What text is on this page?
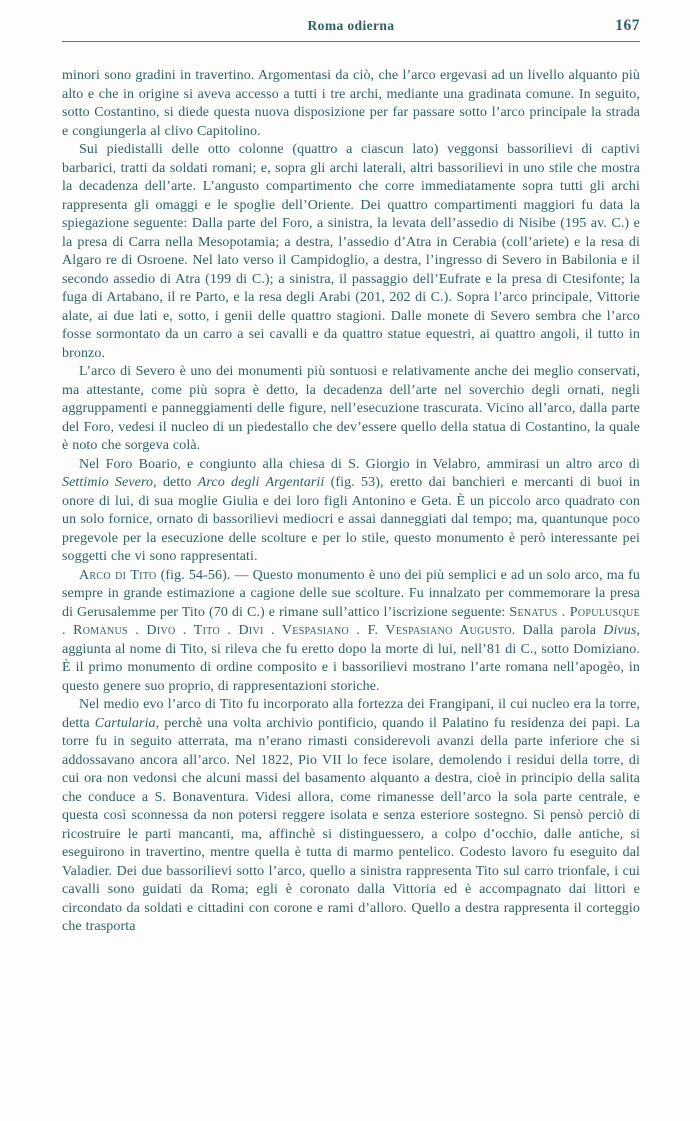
Roma odierna	167

minori sono gradini in travertino. Argomentasi da ciò, che l’arco ergevasi ad un livello alquanto più alto e che in origine si aveva accesso a tutti i tre archi, mediante una gradinata comune. In seguito, sotto Costantino, si diede questa nuova disposizione per far passare sotto l’arco principale la strada e congiungerla al clivo Capitolino.

Sui piedistalli delle otto colonne (quattro a ciascun lato) veggonsi bassorilievi di captivi barbarici, tratti da soldati romani; e, sopra gli archi laterali, altri bassorilievi in uno stile che mostra la decadenza dell’arte. L’angusto compartimento che corre immediatamente sopra tutti gli archi rappresenta gli omaggi e le spoglie dell’Oriente. Dei quattro compartimenti maggiori fu data la spiegazione seguente: Dalla parte del Foro, a sinistra, la levata dell’assedio di Nisibe (195 av. C.) e la presa di Carra nella Mesopotamia; a destra, l’assedio d’Atra in Cerabia (coll’ariete) e la resa di Algaro re di Osroene. Nel lato verso il Campidoglio, a destra, l’ingresso di Severo in Babilonia e il secondo assedio di Atra (199 di C.); a sinistra, il passaggio dell’Eufrate e la presa di Ctesifonte; la fuga di Artabano, il re Parto, e la resa degli Arabi (201, 202 di C.). Sopra l’arco principale, Vittorie alate, ai due lati e, sotto, i genii delle quattro stagioni. Dalle monete di Severo sembra che l’arco fosse sormontato da un carro a sei cavalli e da quattro statue equestri, ai quattro angoli, il tutto in bronzo.

L’arco di Severo è uno dei monumenti più sontuosi e relativamente anche dei meglio conservati, ma attestante, come più sopra è detto, la decadenza dell’arte nel soverchio degli ornati, negli aggruppamenti e panneggiamenti delle figure, nell’esecuzione trascurata. Vicino all’arco, dalla parte del Foro, vedesi il nucleo di un piedestallo che dev’essere quello della statua di Costantino, la quale è noto che sorgeva colà.

Nel Foro Boario, e congiunto alla chiesa di S. Giorgio in Velabro, ammirasi un altro arco di Settimio Severo, detto Arco degli Argentarii (fig. 53), eretto dai banchieri e mercanti di buoi in onore di lui, di sua moglie Giulia e dei loro figli Antonino e Geta. È un piccolo arco quadrato con un solo fornice, ornato di bassorilievi mediocri e assai danneggiati dal tempo; ma, quantunque poco pregevole per la esecuzione delle scolture e per lo stile, questo monumento è però interessante pei soggetti che vi sono rappresentati.

Arco di Tito (fig. 54-56). — Questo monumento è uno dei più semplici e ad un solo arco, ma fu sempre in grande estimazione a cagione delle sue scolture. Fu innalzato per commemorare la presa di Gerusalemme per Tito (70 di C.) e rimane sull’attico l’iscrizione seguente: Senatus . Populusque . Romanus . Divo . Tito . Divi . Vespasiano . F. Vespasiano Augusto. Dalla parola Divus, aggiunta al nome di Tito, si rileva che fu eretto dopo la morte di lui, nell’81 di C., sotto Domiziano. È il primo monumento di ordine composito e i bassorilievi mostrano l’arte romana nell’apogèo, in questo genere suo proprio, di rappresentazioni storiche.

Nel medio evo l’arco di Tito fu incorporato alla fortezza dei Frangipani, il cui nucleo era la torre, detta Cartularia, perchè una volta archivio pontificio, quando il Palatino fu residenza dei papi. La torre fu in seguito atterrata, ma n’erano rimasti considerevoli avanzi della parte inferiore che si addossavano ancora all’arco. Nel 1822, Pio VII lo fece isolare, demolendo i residui della torre, di cui ora non vedonsi che alcuni massi del basamento alquanto a destra, cioè in principio della salita che conduce a S. Bonaventura. Videsi allora, come rimanesse dell’arco la sola parte centrale, e questa così sconnessa da non potersi reggere isolata e senza esteriore sostegno. Si pensò perciò di ricostruire le parti mancanti, ma, affinchè si distinguessero, a colpo d’occhio, dalle antiche, si eseguirono in travertino, mentre quella è tutta di marmo pentelico. Codesto lavoro fu eseguito dal Valadier. Dei due bassorilievi sotto l’arco, quello a sinistra rappresenta Tito sul carro trionfale, i cui cavalli sono guidati da Roma; egli è coronato dalla Vittoria ed è accompagnato dai littori e circondato da soldati e cittadini con corone e rami d’alloro. Quello a destra rappresenta il corteggio che trasporta
